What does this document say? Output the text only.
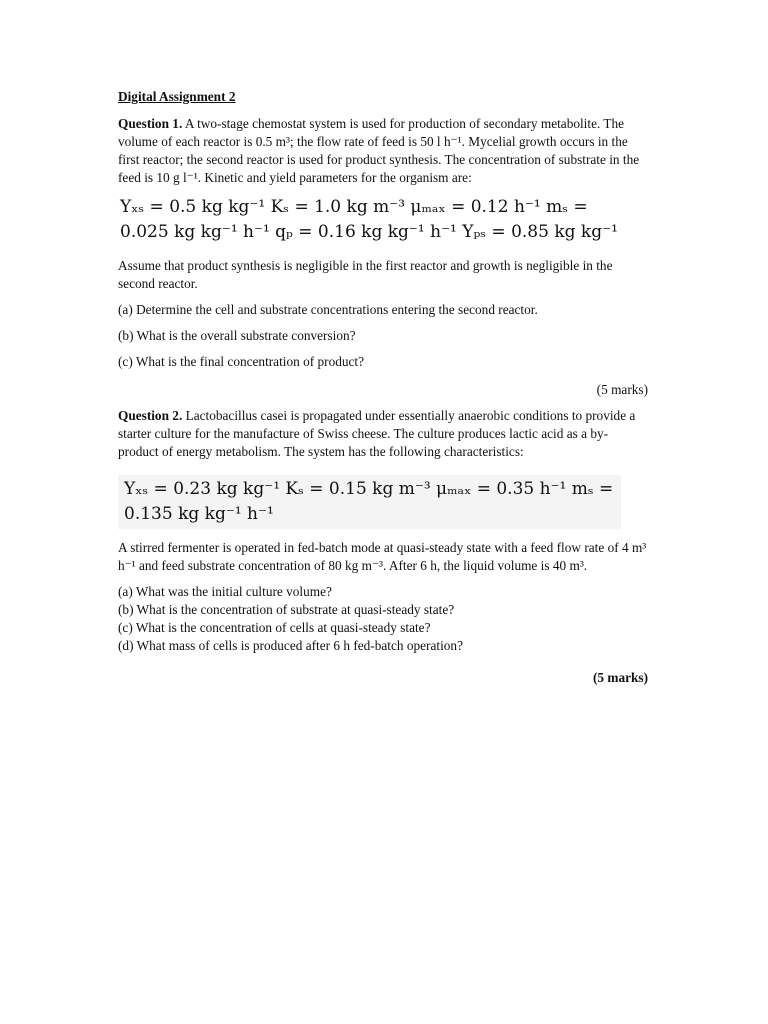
Digital Assignment 2
Question 1. A two-stage chemostat system is used for production of secondary metabolite. The volume of each reactor is 0.5 m³; the flow rate of feed is 50 l h⁻¹. Mycelial growth occurs in the first reactor; the second reactor is used for product synthesis. The concentration of substrate in the feed is 10 g l⁻¹. Kinetic and yield parameters for the organism are:
Yₓₛ = 0.5 kg kg⁻¹ Kₛ = 1.0 kg m⁻³ μₘₐₓ = 0.12 h⁻¹ mₛ =
0.025 kg kg⁻¹ h⁻¹ qₚ = 0.16 kg kg⁻¹ h⁻¹ Yₚₛ = 0.85 kg kg⁻¹
Assume that product synthesis is negligible in the first reactor and growth is negligible in the second reactor.
(a) Determine the cell and substrate concentrations entering the second reactor.
(b) What is the overall substrate conversion?
(c) What is the final concentration of product?
(5 marks)
Question 2. Lactobacillus casei is propagated under essentially anaerobic conditions to provide a starter culture for the manufacture of Swiss cheese. The culture produces lactic acid as a by-product of energy metabolism. The system has the following characteristics:
Yₓₛ = 0.23 kg kg⁻¹ Kₛ = 0.15 kg m⁻³ μₘₐₓ = 0.35 h⁻¹ mₛ =
0.135 kg kg⁻¹ h⁻¹
A stirred fermenter is operated in fed-batch mode at quasi-steady state with a feed flow rate of 4 m³ h⁻¹ and feed substrate concentration of 80 kg m⁻³. After 6 h, the liquid volume is 40 m³.
(a) What was the initial culture volume?
(b) What is the concentration of substrate at quasi-steady state?
(c) What is the concentration of cells at quasi-steady state?
(d) What mass of cells is produced after 6 h fed-batch operation?
(5 marks)
